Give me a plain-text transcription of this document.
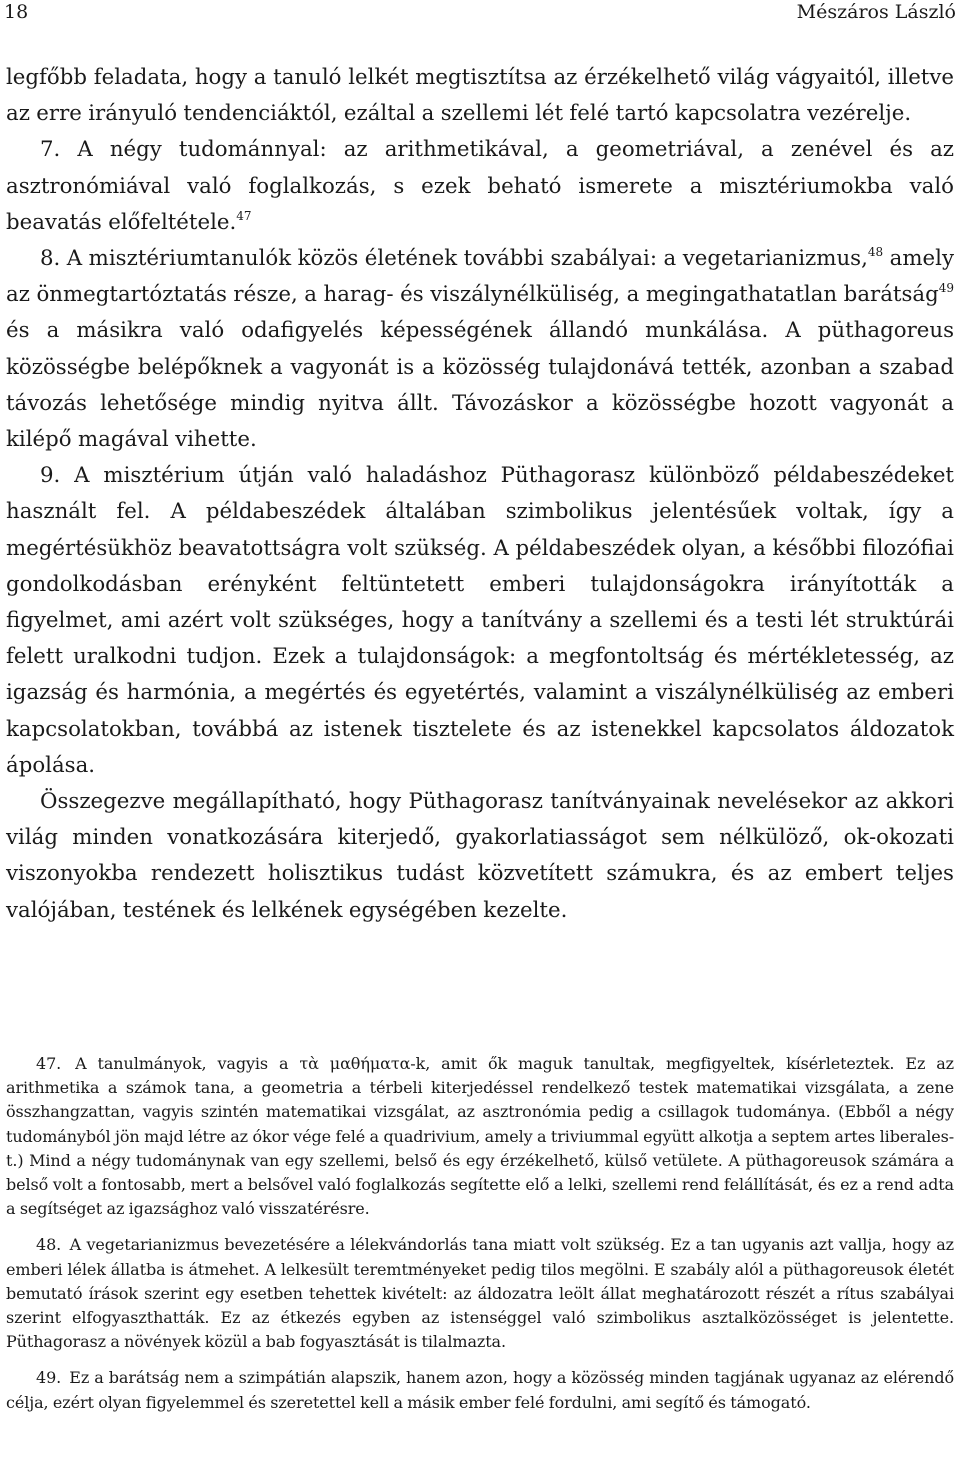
18	Mészáros László

legfőbb feladata, hogy a tanuló lelkét megtisztítsa az érzékelhető világ vágyaitól, illetve az erre irányuló tendenciáktól, ezáltal a szellemi lét felé tartó kapcsolatra vezérelje.

7. A négy tudománnyal: az arithmetikával, a geometriával, a zenével és az asztronómiával való foglalkozás, s ezek beható ismerete a misztériumokba való beavatás előfeltétele.$^{47}$

8. A misztériumtanulók közös életének további szabályai: a vegetarianizmus,$^{48}$ amely az önmegtartóztatás része, a harag- és viszálynélküliség, a megingathatatlan barátság$^{49}$ és a másikra való odafigyelés képességének állandó munkálása. A püthagoreus közösségbe belépőknek a vagyonát is a közösség tulajdonává tették, azonban a szabad távozás lehetősége mindig nyitva állt. Távozáskor a közösségbe hozott vagyonát a kilépő magával vihette.

9. A misztérium útján való haladáshoz Püthagorasz különböző példabeszédeket használt fel. A példabeszédek általában szimbolikus jelentésűek voltak, így a megértésükhöz beavatottságra volt szükség. A példabeszédek olyan, a későbbi filozófiai gondolkodásban erényként feltüntetett emberi tulajdonságokra irányították a figyelmet, ami azért volt szükséges, hogy a tanítvány a szellemi és a testi lét struktúrái felett uralkodni tudjon. Ezek a tulajdonságok: a megfontoltság és mértékletesség, az igazság és harmónia, a megértés és egyetértés, valamint a viszálynélküliség az emberi kapcsolatokban, továbbá az istenek tisztelete és az istenekkel kapcsolatos áldozatok ápolása.

Összegezve megállapítható, hogy Püthagorasz tanítványainak nevelésekor az akkori világ minden vonatkozására kiterjedő, gyakorlatiasságot sem nélkülöző, ok-okozati viszonyokba rendezett holisztikus tudást közvetített számukra, és az embert teljes valójában, testének és lelkének egységében kezelte.

47. A tanulmányok, vagyis a τὰ μαθήματα-k, amit ők maguk tanultak, megfigyeltek, kísérleteztek. Ez az arithmetika a számok tana, a geometria a térbeli kiterjedéssel rendelkező testek matematikai vizsgálata, a zene összhangzattan, vagyis szintén matematikai vizsgálat, az asztronómia pedig a csillagok tudománya. (Ebből a négy tudományból jön majd létre az ókor vége felé a quadrivium, amely a triviummal együtt alkotja a septem artes liberales-t.) Mind a négy tudománynak van egy szellemi, belső és egy érzékelhető, külső vetülete. A püthagoreusok számára a belső volt a fontosabb, mert a belsővel való foglalkozás segítette elő a lelki, szellemi rend felállítását, és ez a rend adta a segítséget az igazsághoz való visszatérésre.

48. A vegetarianizmus bevezetésére a lélekvándorlás tana miatt volt szükség. Ez a tan ugyanis azt vallja, hogy az emberi lélek állatba is átmehet. A lelkesült teremtményeket pedig tilos megölni. E szabály alól a püthagoreusok életét bemutató írások szerint egy esetben tehettek kivételt: az áldozatra leölt állat meghatározott részét a rítus szabályai szerint elfogyaszthatták. Ez az étkezés egyben az istenséggel való szimbolikus asztalközösséget is jelentette. Püthagorasz a növények közül a bab fogyasztását is tilalmazta.

49. Ez a barátság nem a szimpátián alapszik, hanem azon, hogy a közösség minden tagjának ugyanaz az elérendő célja, ezért olyan figyelemmel és szeretettel kell a másik ember felé fordulni, ami segítő és támogató.
